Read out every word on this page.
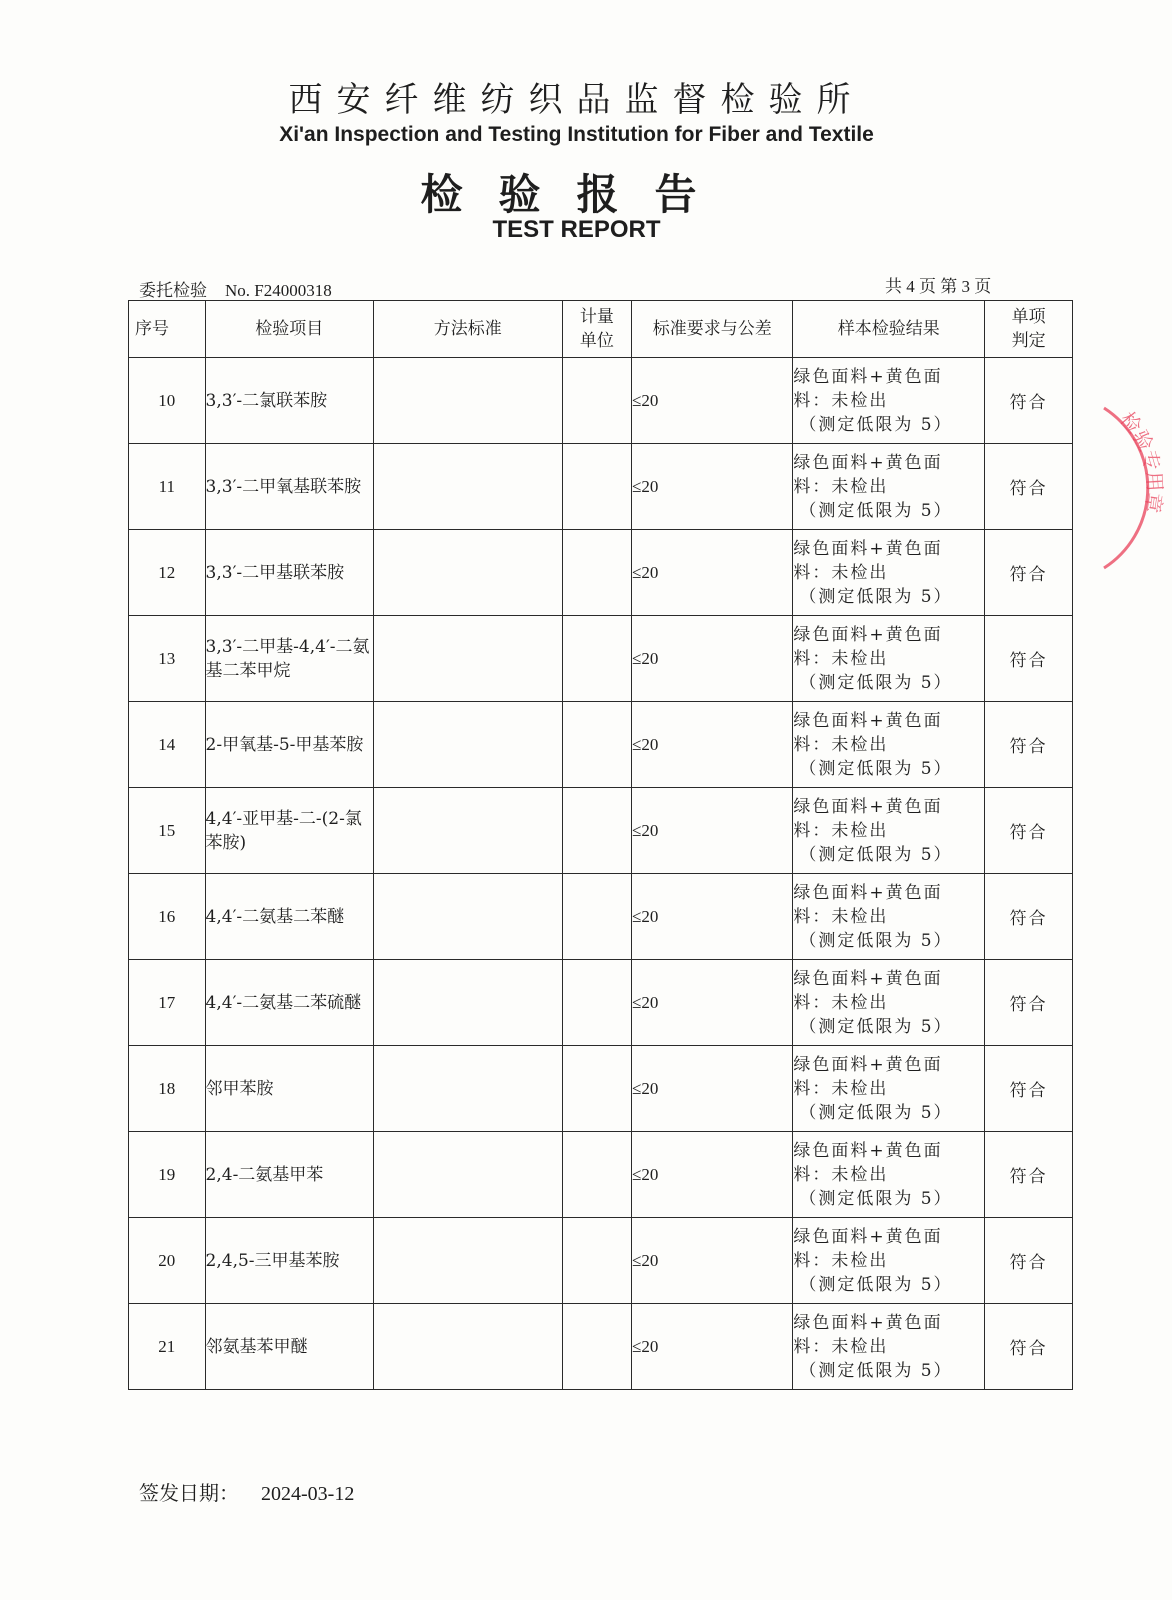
西安纤维纺织品监督检验所
Xi'an Inspection and Testing Institution for Fiber and Textile
检验报告
TEST REPORT
委托检验 No. F24000318	共 4 页 第 3 页
序号	检验项目	方法标准	计量
单位	标准要求与公差	样本检验结果	单项
判定
10	3,3′-二氯联苯胺			≤20	绿色面料+黄色面
料：未检出
（测定低限为 5）	符合
11	3,3′-二甲氧基联苯胺			≤20	绿色面料+黄色面
料：未检出
（测定低限为 5）	符合
12	3,3′-二甲基联苯胺			≤20	绿色面料+黄色面
料：未检出
（测定低限为 5）	符合
13	3,3′-二甲基-4,4′-二氨基二苯甲烷			≤20	绿色面料+黄色面
料：未检出
（测定低限为 5）	符合
14	2-甲氧基-5-甲基苯胺			≤20	绿色面料+黄色面
料：未检出
（测定低限为 5）	符合
15	4,4′-亚甲基-二-(2-氯苯胺)			≤20	绿色面料+黄色面
料：未检出
（测定低限为 5）	符合
16	4,4′-二氨基二苯醚			≤20	绿色面料+黄色面
料：未检出
（测定低限为 5）	符合
17	4,4′-二氨基二苯硫醚			≤20	绿色面料+黄色面
料：未检出
（测定低限为 5）	符合
18	邻甲苯胺			≤20	绿色面料+黄色面
料：未检出
（测定低限为 5）	符合
19	2,4-二氨基甲苯			≤20	绿色面料+黄色面
料：未检出
（测定低限为 5）	符合
20	2,4,5-三甲基苯胺			≤20	绿色面料+黄色面
料：未检出
（测定低限为 5）	符合
21	邻氨基苯甲醚			≤20	绿色面料+黄色面
料：未检出
（测定低限为 5）	符合
签发日期： 2024-03-12
检验专用章
